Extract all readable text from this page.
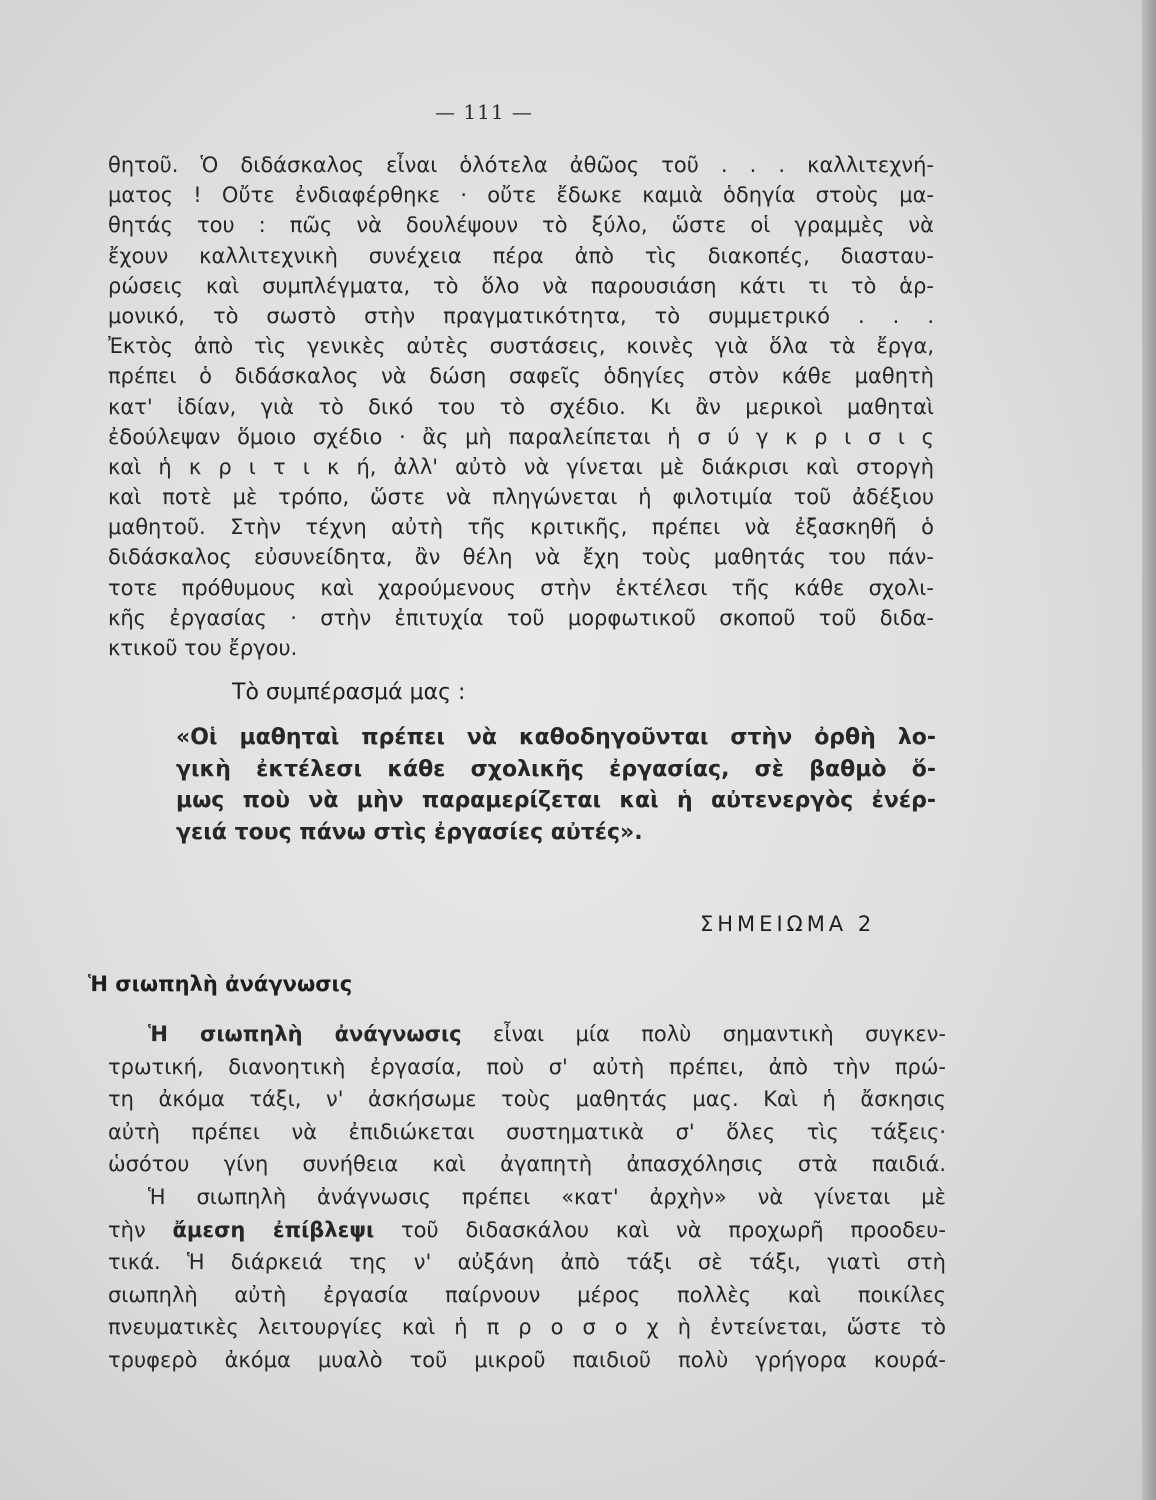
— 111 —
θητοῦ. Ὁ διδάσκαλος εἶναι ὁλότελα ἀθῶος τοῦ . . . καλλιτεχνή-
ματος ! Οὔτε ἐνδιαφέρθηκε · οὔτε ἔδωκε καμιὰ ὁδηγία στοὺς μα-
θητάς του : πῶς νὰ δουλέψουν τὸ ξύλο, ὥστε οἱ γραμμὲς νὰ
ἔχουν καλλιτεχνικὴ συνέχεια πέρα ἀπὸ τὶς διακοπές, διασταυ-
ρώσεις καὶ συμπλέγματα, τὸ ὅλο νὰ παρουσιάση κάτι τι τὸ ἁρ-
μονικό, τὸ σωστὸ στὴν πραγματικότητα, τὸ συμμετρικό . . .
Ἐκτὸς ἀπὸ τὶς γενικὲς αὐτὲς συστάσεις, κοινὲς γιὰ ὅλα τὰ ἔργα,
πρέπει ὁ διδάσκαλος νὰ δώση σαφεῖς ὁδηγίες στὸν κάθε μαθητὴ
κατ' ἰδίαν, γιὰ τὸ δικό του τὸ σχέδιο. Κι ἂν μερικοὶ μαθηταὶ
ἐδούλεψαν ὅμοιο σχέδιο · ἂς μὴ παραλείπεται ἡ σ ύ γ κ ρ ι σ ι ς
καὶ ἡ κ ρ ι τ ι κ ή, ἀλλ' αὐτὸ νὰ γίνεται μὲ διάκρισι καὶ στοργὴ
καὶ ποτὲ μὲ τρόπο, ὥστε νὰ πληγώνεται ἡ φιλοτιμία τοῦ ἀδέξιου
μαθητοῦ. Στὴν τέχνη αὐτὴ τῆς κριτικῆς, πρέπει νὰ ἐξασκηθῆ ὁ
διδάσκαλος εὐσυνείδητα, ἂν θέλη νὰ ἔχη τοὺς μαθητάς του πάν-
τοτε πρόθυμους καὶ χαρούμενους στὴν ἐκτέλεσι τῆς κάθε σχολι-
κῆς ἐργασίας · στὴν ἐπιτυχία τοῦ μορφωτικοῦ σκοποῦ τοῦ διδα-
κτικοῦ του ἔργου.
Τὸ συμπέρασμά μας :
«Οἱ μαθηταὶ πρέπει νὰ καθοδηγοῦνται στὴν ὀρθὴ λο-
γικὴ ἐκτέλεσι κάθε σχολικῆς ἐργασίας, σὲ βαθμὸ ὅ-
μως ποὺ νὰ μὴν παραμερίζεται καὶ ἡ αὐτενεργὸς ἐνέρ-
γειά τους πάνω στὶς ἐργασίες αὐτές».
ΣΗΜΕΙΩΜΑ 2
Ἡ σιωπηλὴ ἀνάγνωσις
Ἡ σιωπηλὴ ἀνάγνωσις εἶναι μία πολὺ σημαντικὴ συγκεν-
τρωτική, διανοητικὴ ἐργασία, ποὺ σ' αὐτὴ πρέπει, ἀπὸ τὴν πρώ-
τη ἀκόμα τάξι, ν' ἀσκήσωμε τοὺς μαθητάς μας. Καὶ ἡ ἄσκησις
αὐτὴ πρέπει νὰ ἐπιδιώκεται συστηματικὰ σ' ὅλες τὶς τάξεις·
ὡσότου γίνη συνήθεια καὶ ἀγαπητὴ ἀπασχόλησις στὰ παιδιά.
Ἡ σιωπηλὴ ἀνάγνωσις πρέπει «κατ' ἀρχὴν» νὰ γίνεται μὲ
τὴν ἄμεση ἐπίβλεψι τοῦ διδασκάλου καὶ νὰ προχωρῆ προοδευ-
τικά. Ἡ διάρκειά της ν' αὐξάνη ἀπὸ τάξι σὲ τάξι, γιατὶ στὴ
σιωπηλὴ αὐτὴ ἐργασία παίρνουν μέρος πολλὲς καὶ ποικίλες
πνευματικὲς λειτουργίες καὶ ἡ π ρ ο σ ο χ ὴ ἐντείνεται, ὥστε τὸ
τρυφερὸ ἀκόμα μυαλὸ τοῦ μικροῦ παιδιοῦ πολὺ γρήγορα κουρά-
